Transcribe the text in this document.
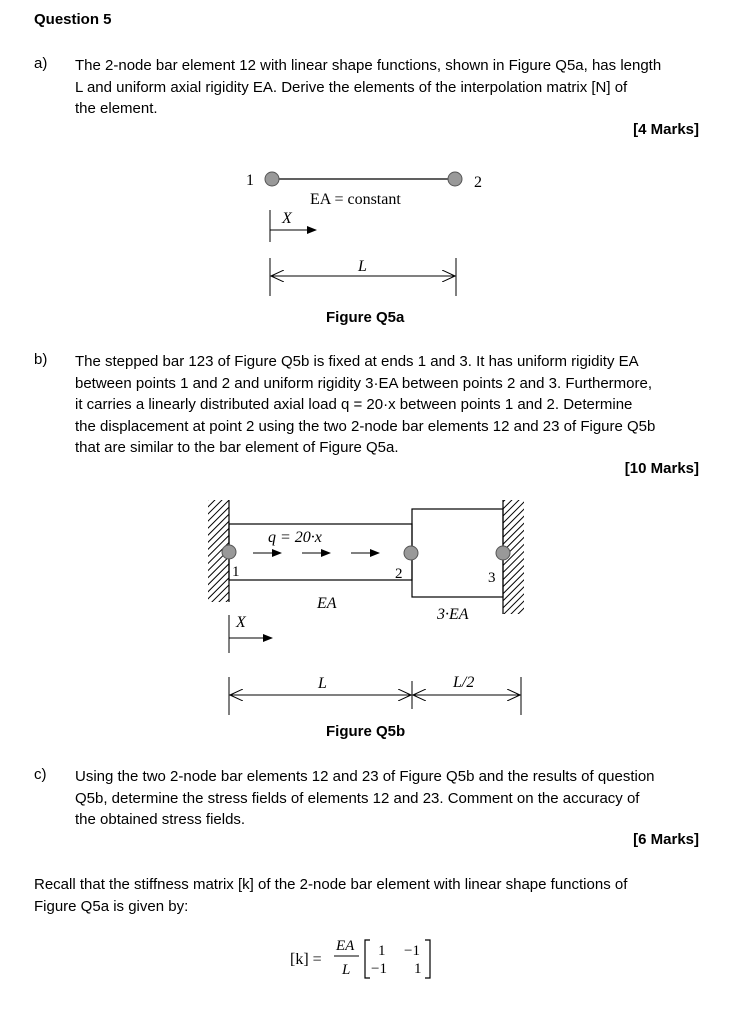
Question 5
a) The 2-node bar element 12 with linear shape functions, shown in Figure Q5a, has length
L and uniform axial rigidity EA. Derive the elements of the interpolation matrix [N] of
the element.
[4 Marks]
1	2
EA = constant
X
L
Figure Q5a
b) The stepped bar 123 of Figure Q5b is fixed at ends 1 and 3. It has uniform rigidity EA
between points 1 and 2 and uniform rigidity 3·EA between points 2 and 3. Furthermore,
it carries a linearly distributed axial load q = 20·x between points 1 and 2. Determine
the displacement at point 2 using the two 2-node bar elements 12 and 23 of Figure Q5b
that are similar to the bar element of Figure Q5a.
[10 Marks]
1	2	3
q = 20·x
EA
3·EA
X
L	L/2
Figure Q5b
c) Using the two 2-node bar elements 12 and 23 of Figure Q5b and the results of question
Q5b, determine the stress fields of elements 12 and 23. Comment on the accuracy of
the obtained stress fields.
[6 Marks]
Recall that the stiffness matrix [k] of the 2-node bar element with linear shape functions of
Figure Q5a is given by:
[k] =
EA
L
1 −1
−1 1
